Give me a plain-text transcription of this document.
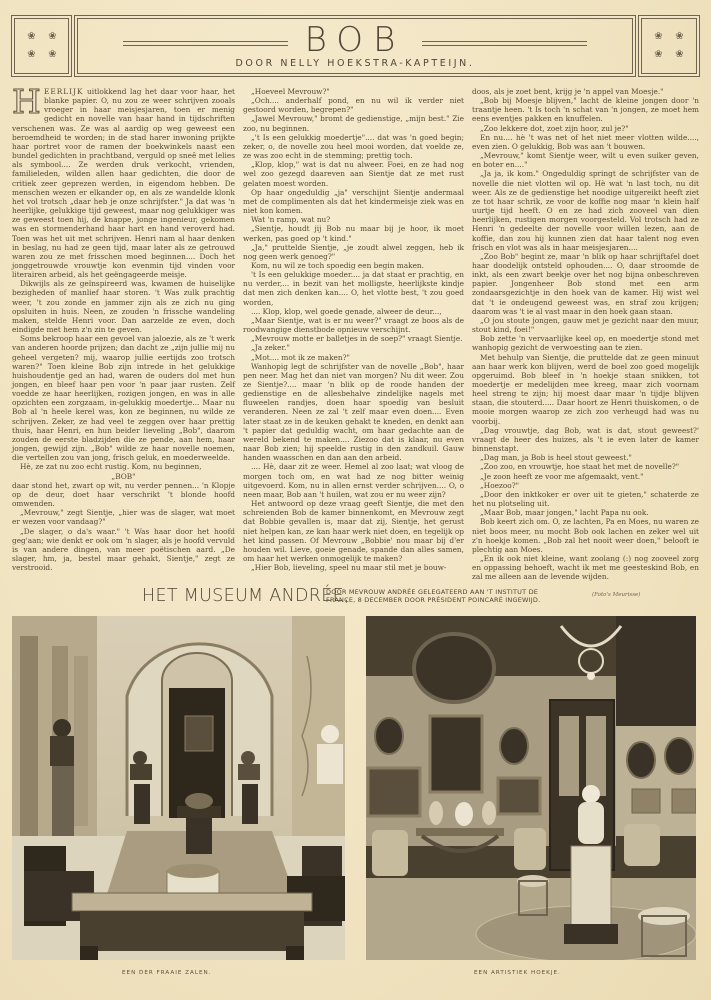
❀ ❀
❀ ❀	BOB
DOOR NELLY HOEKSTRA-KAPTEIJN.
❀ ❀
❀ ❀

HEERLIJK uitlokkend lag het daar voor haar, het blanke papier. O, nu zou ze weer schrijven zooals vroeger in haar meisjesjaren, toen er menig gedicht en novelle van haar hand in tijdschriften verschenen was. Ze was al aardig op weg geweest een beroemdheid te worden; in de stad harer inwoning prijkte haar portret voor de ramen der boekwinkels naast een bundel gedichten in prachtband, verguld op sneê met lelies als symbool.... Ze werden druk verkocht, vrienden, familieleden, wilden allen haar gedichten, die door de critiek zeer geprezen werden, in eigendom hebben. De menschen wezen er elkander op, en als ze wandelde klonk het vol trotsch „daar heb je onze schrijfster." Ja dat was 'n heerlijke, gelukkige tijd geweest, maar nog gelukkiger was ze geweest toen hij, de knappe, jonge ingenieur, gekomen was en stormenderhand haar hart en hand veroverd had. Toen was het uit met schrijven. Henri nam al haar denken in beslag, nu had ze geen tijd, maar later als ze getrouwd waren zou ze met frisschen moed beginnen.... Doch het jonggetrouwde vrouwtje kon evenmin tijd vinden voor literairen arbeid, als het geëngageerde meisje.

Dikwijls als ze geïnspireerd was, kwamen de huiselijke bezigheden of manlief haar storen. 't Was zulk prachtig weer, 't zou zonde en jammer zijn als ze zich nu ging opsluiten in huis. Neen, ze zouden 'n frissche wandeling maken, stelde Henri voor. Dan aarzelde ze even, doch eindigde met hem z'n zin te geven.

Soms bekroop haar een gevoel van jaloezie, als ze 't werk van anderen hoorde prijzen; dan dacht ze „zijn jullie mij nu geheel vergeten? mij, waarop jullie eertijds zoo trotsch waren?" Toen kleine Bob zijn intrede in het gelukkige huishoudentje ged an had, waren de ouders dol met hun jongen, en bleef haar pen voor 'n paar jaar rusten. Zelf voedde ze haar heerlijken, rozigen jongen, en was in alle opzichten een zorgzaam, in-gelukkig moedertje... Maar nu Bob al 'n heele kerel was, kon ze beginnen, nu wilde ze schrijven. Zeker, ze had veel te zeggen over haar prettig thuis, haar Henri, en hun beider lieveling „Bob", daarom zouden de eerste bladzijden die ze pende, aan hem, haar jongen, gewijd zijn. „Bob" wilde ze haar novelle noemen, die vertellen zou van jong, frisch geluk, en moederweelde.

Hè, ze zat nu zoo echt rustig. Kom, nu beginnen,

„BOB"

daar stond het, zwart op wit, nu verder pennen... 'n Klopje op de deur, doet haar verschrikt 't blonde hoofd omwenden.

„Mevrouw," zegt Sientje, „hier was de slager, wat moet er wezen voor vandaag?"

„De slager, o da's waar." 't Was haar door het hoofd geg'aan; wie denkt er ook om 'n slager, als je hoofd vervuld is van andere dingen, van meer poëtischen aard. „De slager, hm, ja, bestel maar gehakt, Sientje," zegt ze verstrooid.

„Hoeveel Mevrouw?"

„Och.... anderhalf pond, en nu wil ik verder niet gestoord worden, begrepen?"

„Jawel Mevrouw," bromt de gedienstige, „mijn best." Zie zoo, nu beginnen.

„'t Is een gelukkig moedertje".... dat was 'n goed begin; zeker, o, de novelle zou heel mooi worden, dat voelde ze, ze was zoo echt in de stemming; prettig toch.

„Klop, klop," wat is dat nu alweer. Foei, en ze had nog wel zoo gezegd daareven aan Sientje dat ze met rust gelaten moest worden.

Op haar ongeduldig „ja" verschijnt Sientje andermaal met de complimenten als dat het kindermeisje ziek was en niet kon komen.

Wat 'n ramp, wat nu?

„Sientje, houdt jij Bob nu maar bij je hoor, ik moet werken, pas goed op 't kind."

„Ja," pruttelde Sientje, „je zoudt alwel zeggen, heb ik nog geen werk genoeg?"

Kom, nu wil ze toch spoedig een begin maken.

't Is een gelukkige moeder.... ja dat staat er prachtig, en nu verder,... in bezit van het molligste, heerlijkste kindje dat men zich denken kan.... O, het vlotte best, 't zou goed worden,

.... Klop, klop, wel goede genade, alweer de deur...,

„Maar Sientje, wat is er nu weer?" vraagt ze boos als de roodwangige dienstbode opnieuw verschijnt.

„Mevrouw motte er balletjes in de soep?" vraagt Sientje.

„Ja zeker."

„Mot.... mot ik ze maken?"

Wanhopig legt de schrijfster van de novelle „Bob", haar pen neer. Mag het dan niet van morgen? Nu dit weer. Zou ze Sientje?.... maar 'n blik op de roode handen der gedienstige en de allesbehalve zindelijke nagels met fluweelen randjes, doen haar spoedig van besluit veranderen. Neen ze zal 't zelf maar even doen.... Even later staat ze in de keuken gehakt te kneden, en denkt aan 't papier dat geduldig wacht, om haar gedachte aan de wereld bekend te maken.... Ziezoo dat is klaar, nu even naar Bob zien; hij speelde rustig in den zandkuil. Gauw handen waasschen en dan aan den arbeid.

.... Hè, daar zit ze weer. Hemel al zoo laat; wat vloog de morgen toch om, en wat had ze nog bitter weinig uitgevoerd. Kom, nu in allen ernst verder schrijven.... O, o neen maar, Bob aan 't huilen, wat zou er nu weer zijn?

Het antwoord op deze vraag geeft Sientje, die met den schreienden Bob de kamer binnenkomt, en Mevrouw zegt dat Bobbie gevallen is, maar dat zij, Sientje, het gerust niet helpen kan, ze kan haar werk niet doen, en tegelijk op het kind passen. Of Mevrouw „Bobbie' nou maar bij d'er houden wil. Lieve, goeie genade, spande dan alles samen, om haar het werken onmogelijk te maken?

„Hier Bob, lieveling, speel nu maar stil met je bouw-

doos, als je zoet bent, krijg je 'n appel van Moesje."

„Bob bij Moesje blijven," lacht de kleine jongen door 'n traantje heen. 't Is toch 'n schat van 'n jongen, ze moet hem eens eventjes pakken en knuffelen.

„Zoo lekkere dot, zoet zijn hoor, zul je?"

En nu.... hè 't was net of het niet meer vlotten wilde...., even zien. O gelukkig, Bob was aan 't bouwen.

„Mevrouw," komt Sientje weer, wilt u even suiker geven, en boter en...."

„Ja ja, ik kom." Ongeduldig springt de schrijfster van de novelle die niet vlotten wil op. Hè wat 'n last toch, nu dit weer. Als ze de gedienstige het noodige uitgereikt heeft ziet ze tot haar schrik, ze voor de koffie nog maar 'n klein half uurtje tijd heeft. O en ze had zich zooveel van dien heerlijken, rustigen morgen voorgesteld. Vol trotsch had ze Henri 'n gedeelte der novelle voor willen lezen, aan de koffie, dan zou hij kunnen zien dat haar talent nog even frisch en vlot was als in haar meisjesjaren....

„Zoo Bob" begint ze, maar 'n blik op haar schrijftafel doet haar doodelijk ontsteld ophouden.... O, daar stroomde de inkt, als een zwart beekje over het nog bijna onbeschreven papier. Jongenheer Bob stond met een arm zondaarsgezichtje in den hoek van de kamer. Hij wist wel dat 't ie ondeugend geweest was, en straf zou krijgen; daarom was 't ie al vast maar in den hoek gaan staan.

„O jou stoute jongen, gauw met je gezicht naar den muur, stout kind, foei!"

Bob zette 'n vervaarlijke keel op, en moedertje stond met wanhopig gezicht de verwoesting aan te zien.

Met behulp van Sientje, die pruttelde dat ze geen minuut aan haar werk kon blijven, werd de boel zoo goed mogelijk opgeruimd. Bob bleef in 'n hoekje staan snikken, tot moedertje er medelijden mee kreeg, maar zich voornam heel streng te zijn; hij moest daar maar 'n tijdje blijven staan, die stouterd..... Daar hoort ze Henri thuiskomen, o de mooie morgen waarop ze zich zoo verheugd had was nu voorbij.

„Dag vrouwtje, dag Bob, wat is dat, stout geweest?' vraagt de heer des huizes, als 't ie even later de kamer binnenstapt.

„Dag man, ja Bob is heel stout geweest."

„Zoo zoo, en vrouwtje, hoe staat het met de novelle?"

„Je zoon heeft ze voor me afgemaakt, vent."

„Hoezoo?"

„Door den inktkoker er over uit te gieten," schaterde ze het nu plotseling uit.

„Maar Bob, maar jongen," lacht Papa nu ook.

Bob keert zich om. O, ze lachten, Pa en Moes, nu waren ze niet boos meer, nu mocht Bob ook lachen en zeker wel uit z'n hoekje komen. „Bob zal het nooit weer doen," belooft ie plechtig aan Moes.

„En ik ook niet kleine, want zoolang (:) nog zooveel zorg en oppassing behoeft, wacht ik met me geesteskind Bob, en zal me alleen aan de levende wijden.

HET MUSEUM ANDRÉE,
DOOR MEVROUW ANDRÉE GELEGATEERD AAN 'T INSTITUT DE
FRANCE, 8 DECEMBER DOOR PRÉSIDENT POINCARÉ INGEWIJD.
(Foto's Meurisse)
EEN DER FRAAIE ZALEN.	EEN ARTISTIEK HOEKJE.
